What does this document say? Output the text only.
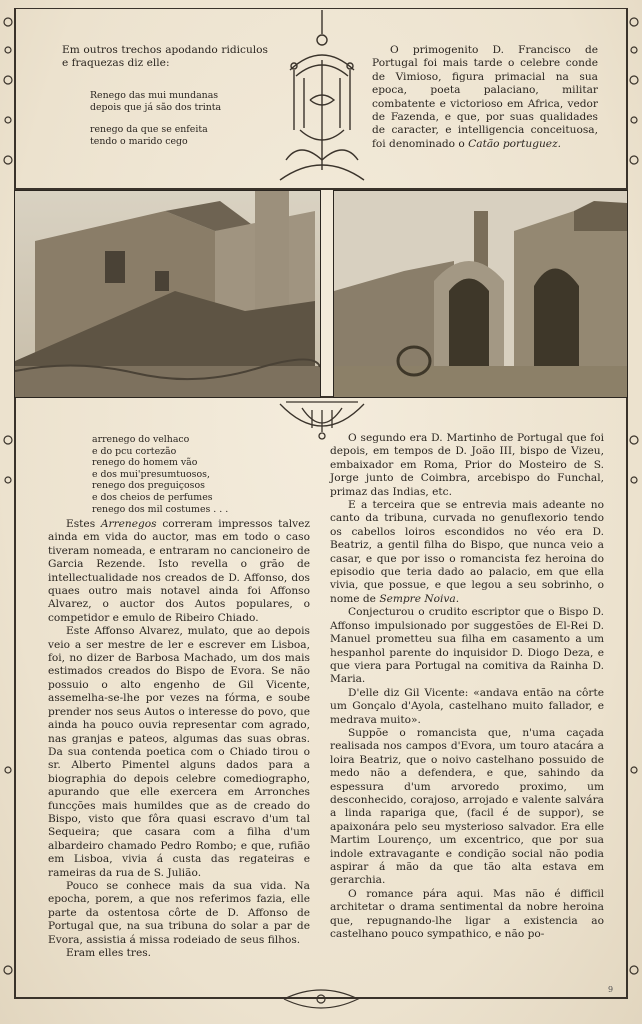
Em outros trechos apodando ridiculos e fraquezas diz elle:

Renego das mui mundanas
depois que já são dos trinta
renego da que se enfeita
tendo o marido cego

O primogenito D. Francisco de Portugal foi mais tarde o celebre conde de Vimioso, figura primacial na sua epoca, poeta palaciano, militar combatente e victorioso em Africa, vedor de Fazenda, e que, por suas qualidades de caracter, e intelligencia conceituosa, foi denominado o Catão portuguez.

arrenego do velhaco
e do pcu cortezão
renego do homem vão
e dos mui'presumtuosos,
renego dos preguiçosos
e dos cheios de perfumes
renego dos mil costumes . . .

Estes Arrenegos correram impressos talvez ainda em vida do auctor, mas em todo o caso tiveram nomeada, e entraram no cancioneiro de Garcia Rezende. Isto revella o grão de intellectualidade nos creados de D. Affonso, dos quaes outro mais notavel ainda foi Affonso Alvarez, o auctor dos Autos populares, o competidor e emulo de Ribeiro Chiado.

Este Affonso Alvarez, mulato, que ao depois veio a ser mestre de ler e escrever em Lisboa, foi, no dizer de Barbosa Machado, um dos mais estimados creados do Bispo de Evora. Se não possuio o alto engenho de Gil Vicente, assemelha-se-lhe por vezes na fórma, e soube prender nos seus Autos o interesse do povo, que ainda ha pouco ouvia representar com agrado, nas granjas e pateos, algumas das suas obras. Da sua contenda poetica com o Chiado tirou o sr. Alberto Pimentel alguns dados para a biographia do depois celebre comediographo, apurando que elle exercera em Arronches funcções mais humildes que as de creado do Bispo, visto que fôra quasi escravo d'um tal Sequeira; que casara com a filha d'um albardeiro chamado Pedro Rombo; e que, rufião em Lisboa, vivia á custa das regateiras e rameiras da rua de S. Julião.

Pouco se conhece mais da sua vida. Na epocha, porem, a que nos referimos fazia, elle parte da ostentosa côrte de D. Affonso de Portugal que, na sua tribuna do solar a par de Evora, assistia á missa rodeiado de seus filhos.

Eram elles tres.

O segundo era D. Martinho de Portugal que foi depois, em tempos de D. João III, bispo de Vizeu, embaixador em Roma, Prior do Mosteiro de S. Jorge junto de Coimbra, arcebispo do Funchal, primaz das Indias, etc.

E a terceira que se entrevia mais adeante no canto da tribuna, curvada no genuflexorio tendo os cabellos loiros escondidos no véo era D. Beatriz, a gentil filha do Bispo, que nunca veio a casar, e que por isso o romancista fez heroina do episodio que teria dado ao palacio, em que ella vivia, que possue, e que legou a seu sobrinho, o nome de Sempre Noiva.

Conjecturou o crudito escriptor que o Bispo D. Affonso impulsionado por suggestões de El-Rei D. Manuel prometteu sua filha em casamento a um hespanhol parente do inquisidor D. Diogo Deza, e que viera para Portugal na comitiva da Rainha D. Maria.

D'elle diz Gil Vicente: «andava então na côrte um Gonçalo d'Ayola, castelhano muito fallador, e medrava muito».

Suppõe o romancista que, n'uma caçada realisada nos campos d'Evora, um touro atacára a loira Beatriz, que o noivo castelhano possuido de medo não a defendera, e que, sahindo da espessura d'um arvoredo proximo, um desconhecido, corajoso, arrojado e valente salvára a linda rapariga que, (facil é de suppor), se apaixonára pelo seu mysterioso salvador. Era elle Martim Lourenço, um excentrico, que por sua indole extravagante e condição social não podia aspirar á mão da que tão alta estava em gerarchia.

O romance pára aqui. Mas não é difficil architetar o drama sentimental da nobre heroina que, repugnando-lhe ligar a existencia ao castelhano pouco sympathico, e não po-

9
